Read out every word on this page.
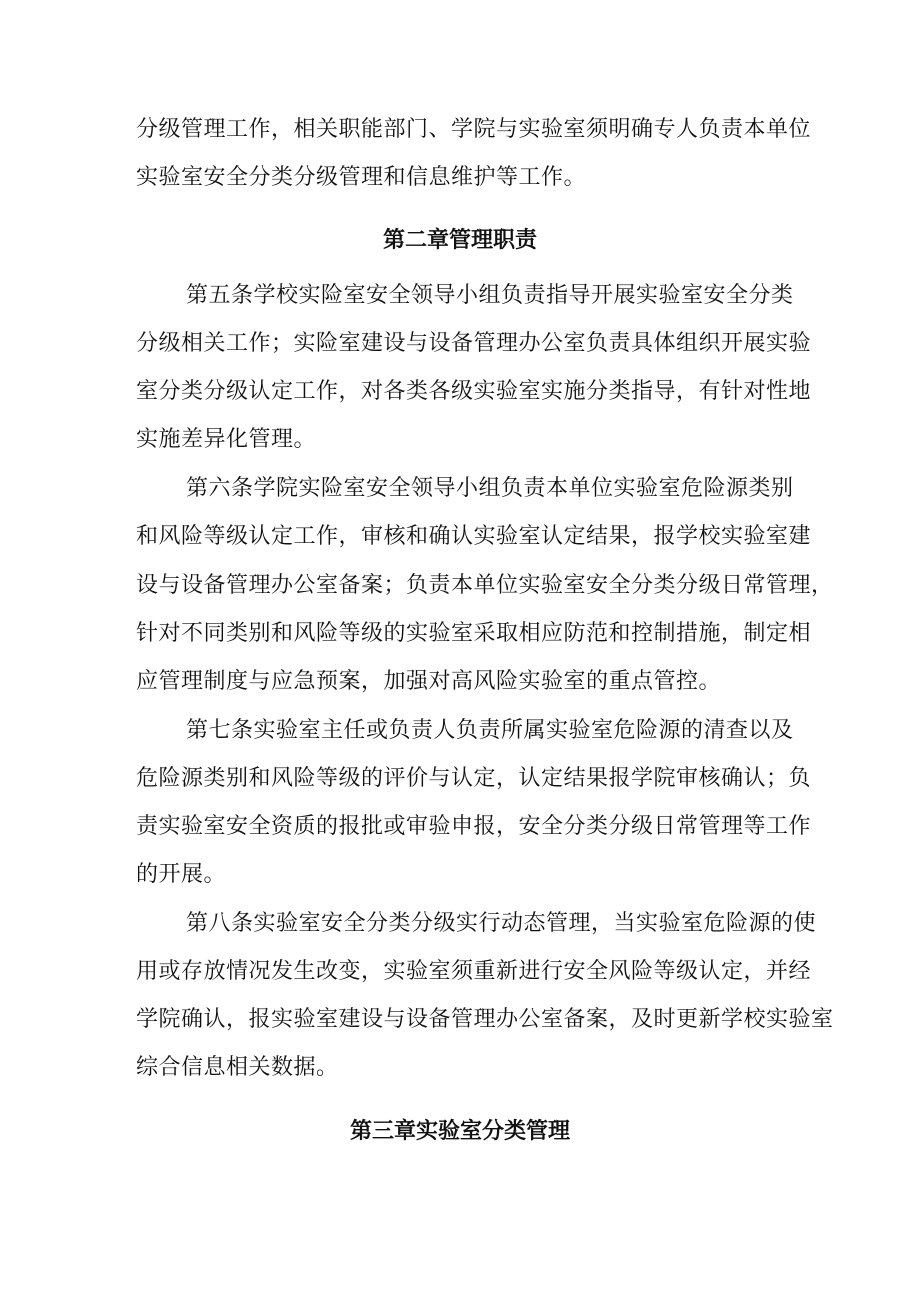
分级管理工作，相关职能部门、学院与实验室须明确专人负责本单位
实验室安全分类分级管理和信息维护等工作。
第二章管理职责
第五条学校实险室安全领导小组负责指导开展实验室安全分类
分级相关工作；实险室建设与设备管理办公室负责具体组织开展实验
室分类分级认定工作，对各类各级实验室实施分类指导，有针对性地
实施差异化管理。
第六条学院实险室安全领导小组负责本单位实验室危险源类别
和风险等级认定工作，审核和确认实验室认定结果，报学校实验室建
设与设备管理办公室备案；负责本单位实验室安全分类分级日常管理，
针对不同类别和风险等级的实验室采取相应防范和控制措施，制定相
应管理制度与应急预案，加强对高风险实验室的重点管控。
第七条实验室主任或负责人负责所属实验室危险源的清查以及
危险源类别和风险等级的评价与认定，认定结果报学院审核确认；负
责实验室安全资质的报批或审验申报，安全分类分级日常管理等工作
的开展。
第八条实验室安全分类分级实行动态管理，当实验室危险源的使
用或存放情况发生改变，实验室须重新进行安全风险等级认定，并经
学院确认，报实验室建设与设备管理办公室备案，及时更新学校实验室
综合信息相关数据。
第三章实验室分类管理
